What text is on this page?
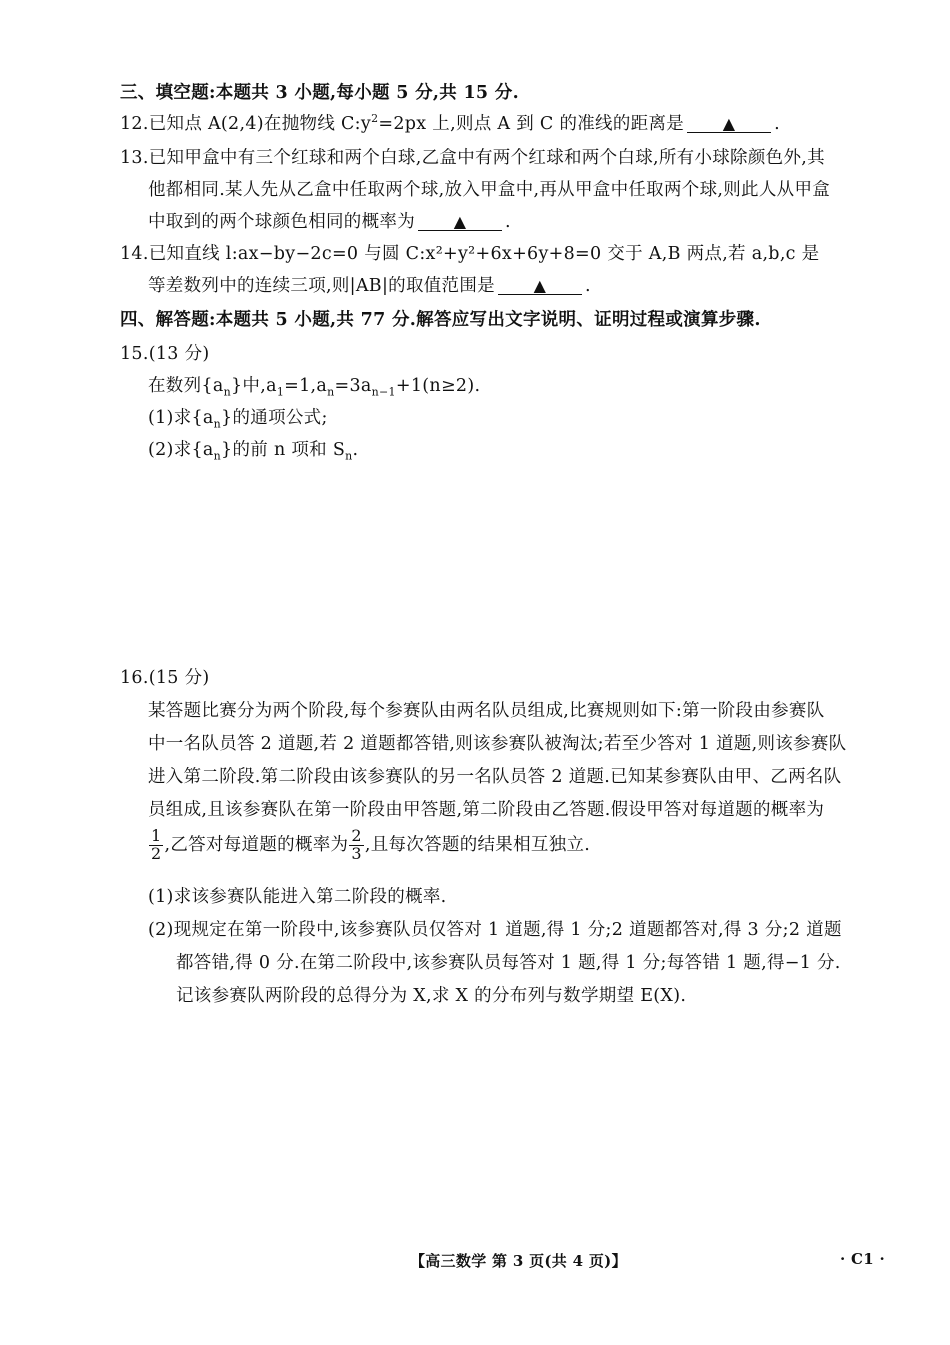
三、填空题:本题共 3 小题,每小题 5 分,共 15 分.
12.已知点 A(2,4)在抛物线 $C:y^2=2px$ 上,则点 A 到 C 的准线的距离是 ▲ .
13.已知甲盒中有三个红球和两个白球,乙盒中有两个红球和两个白球,所有小球除颜色外,其
他都相同.某人先从乙盒中任取两个球,放入甲盒中,再从甲盒中任取两个球,则此人从甲盒
中取到的两个球颜色相同的概率为 ▲ .
14.已知直线 l:ax−by−2c=0 与圆 C:x²+y²+6x+6y+8=0 交于 A,B 两点,若 a,b,c 是
等差数列中的连续三项,则|AB|的取值范围是 ▲ .
四、解答题:本题共 5 小题,共 77 分.解答应写出文字说明、证明过程或演算步骤.
15.(13 分)
在数列$\{a_n\}$中$,a_1=1,a_n=3a_{n-1}+1(n\ge 2)$.
(1)求$\{a_n\}$的通项公式;
(2)求$\{a_n\}$的前 n 项和 $S_n$.
16.(15 分)
某答题比赛分为两个阶段,每个参赛队由两名队员组成,比赛规则如下:第一阶段由参赛队
中一名队员答 2 道题,若 2 道题都答错,则该参赛队被淘汰;若至少答对 1 道题,则该参赛队
进入第二阶段.第二阶段由该参赛队的另一名队员答 2 道题.已知某参赛队由甲、乙两名队
员组成,且该参赛队在第一阶段由甲答题,第二阶段由乙答题.假设甲答对每道题的概率为
$\frac{1}{2}$ ,乙答对每道题的概率为 $\frac{2}{3}$ ,且每次答题的结果相互独立.
(1)求该参赛队能进入第二阶段的概率.
(2)现规定在第一阶段中,该参赛队员仅答对 1 道题,得 1 分;2 道题都答对,得 3 分;2 道题
都答错,得 0 分.在第二阶段中,该参赛队员每答对 1 题,得 1 分;每答错 1 题,得−1 分.
记该参赛队两阶段的总得分为 X,求 X 的分布列与数学期望 E(X).
【高三数学 第 3 页(共 4 页)】	· C1 ·
